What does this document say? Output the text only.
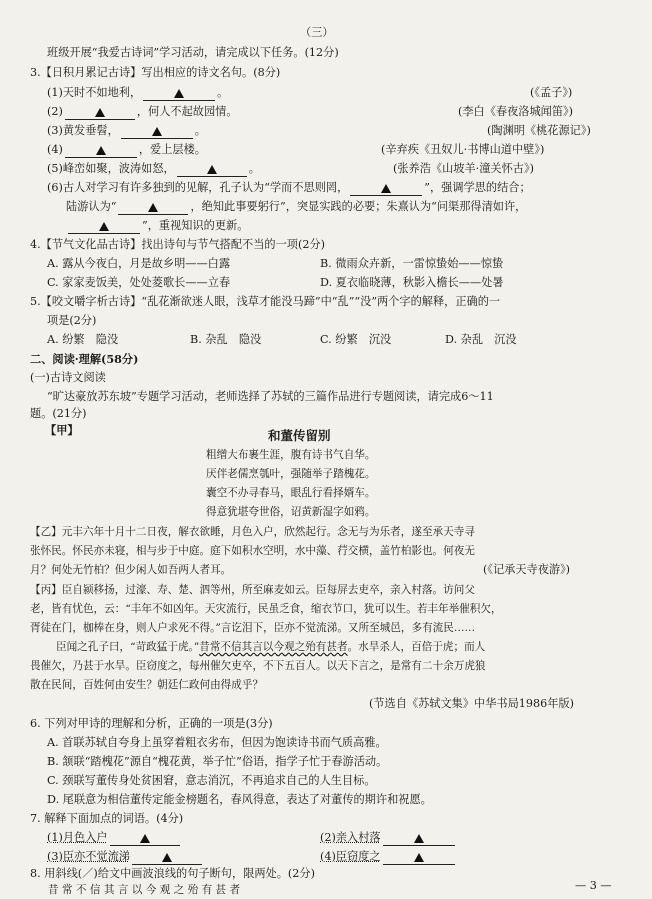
（三）
班级开展“我爱古诗词”学习活动，请完成以下任务。(12分)
3.【日积月累记古诗】写出相应的诗文名句。(8分)
(1)天时不如地利，	。	(《孟子》)
(2)	，何人不起故园情。	(李白《春夜洛城闻笛》)
(3)黄发垂髫，	。	(陶渊明《桃花源记》)
(4)	，爱上层楼。	(辛弃疾《丑奴儿·书博山道中壁》)
(5)峰峦如聚，波涛如怒，	。	(张养浩《山坡羊·潼关怀古》)
(6)古人对学习有许多独到的见解，孔子认为“学而不思则罔，	”，强调学思的结合；
陆游认为“	，绝知此事要躬行”，突显实践的必要；朱熹认为“问渠那得清如许，
”，重视知识的更新。
4.【节气文化品古诗】找出诗句与节气搭配不当的一项(2分)
A. 露从今夜白，月是故乡明——白露	B. 微雨众卉新，一雷惊蛰始——惊蛰
C. 家家麦饭美，处处菱歌长——立春	D. 夏衣临晓薄，秋影入檐长——处暑
5.【咬文嚼字析古诗】“乱花渐欲迷人眼，浅草才能没马蹄”中“乱”“没”两个字的解释，正确的一
项是(2分)
A. 纷繁　隐没	B. 杂乱　隐没	C. 纷繁　沉没	D. 杂乱　沉没
二、阅读·理解(58分)
(一)古诗文阅读
“旷达豪放苏东坡”专题学习活动，老师选择了苏轼的三篇作品进行专题阅读，请完成6～11
题。(21分)
【甲】	和董传留别
粗缯大布裹生涯，腹有诗书气自华。
厌伴老儒烹瓠叶，强随举子踏槐花。
囊空不办寻春马，眼乱行看择婿车。
得意犹堪夸世俗，诏黄新湿字如鸦。
【乙】元丰六年十月十二日夜，解衣欲睡，月色入户，欣然起行。念无与为乐者，遂至承天寺寻
张怀民。怀民亦未寝，相与步于中庭。庭下如积水空明，水中藻、荇交横，盖竹柏影也。何夜无
月？何处无竹柏？但少闲人如吾两人者耳。	(《记承天寺夜游》)
【丙】臣自颍移扬，过濠、寿、楚、泗等州，所至麻麦如云。臣每屏去吏卒，亲入村落。访问父
老，皆有忧色，云：“丰年不如凶年。天灾流行，民虽乏食，缩衣节口，犹可以生。若丰年举催积欠，
胥徒在门，枷棒在身，则人户求死不得。”言讫泪下，臣亦不觉流涕。又所至城邑，多有流民……
臣闻之孔子曰，“苛政猛于虎。”昔常不信其言以今观之殆有甚者。水旱杀人，百倍于虎；而人
畏催欠，乃甚于水旱。臣窃度之，每州催欠吏卒，不下五百人。以天下言之，是常有二十余万虎狼
散在民间，百姓何由安生？朝廷仁政何由得成乎？
(节选自《苏轼文集》中华书局1986年版)
6. 下列对甲诗的理解和分析，正确的一项是(3分)
A. 首联苏轼自夸身上虽穿着粗衣劣布，但因为饱读诗书而气质高雅。
B. 颔联“踏槐花”源自“槐花黄，举子忙”俗语，指学子忙于春游活动。
C. 颈联写董传身处贫困窘，意志消沉，不再追求自己的人生目标。
D. 尾联意为相信董传定能金榜题名，春风得意，表达了对董传的期许和祝愿。
7. 解释下面加点的词语。(4分)
(1)月色入户	(2)亲入村落
(3)臣亦不觉流涕	(4)臣窃度之
8. 用斜线(／)给文中画波浪线的句子断句，限两处。(2分)
昔 常 不 信 其 言 以 今 观 之 殆 有 甚 者	— 3 —
